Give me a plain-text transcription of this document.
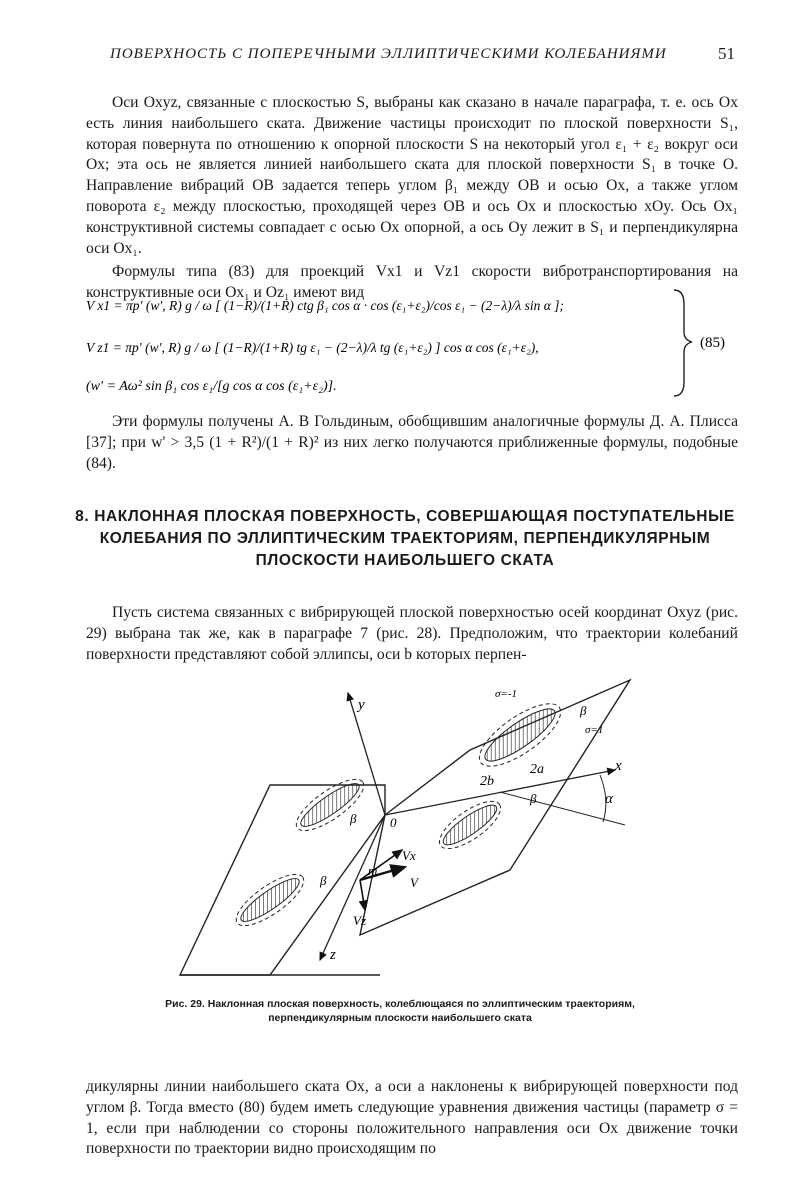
ПОВЕРХНОСТЬ С ПОПЕРЕЧНЫМИ ЭЛЛИПТИЧЕСКИМИ КОЛЕБАНИЯМИ	51
Оси Oxyz, связанные с плоскостью S, выбраны как сказано в начале параграфа, т. е. ось Ox есть линия наибольшего ската. Движение частицы происходит по плоской поверхности S₁, которая повернута по отношению к опорной плоскости S на некоторый угол ε₁ + ε₂ вокруг оси Ox; эта ось не является линией наибольшего ската для плоской поверхности S₁ в точке O. Направление вибраций OB задается теперь углом β₁ между OB и осью Ox, а также углом поворота ε₂ между плоскостью, проходящей через OB и ось Ox и плоскостью xOy. Ось Ox₁ конструктивной системы совпадает с осью Ox опорной, а ось Oy лежит в S₁ и перпендикулярна оси Ox₁.
Формулы типа (83) для проекций Vx1 и Vz1 скорости вибротранспортирования на конструктивные оси Ox₁ и Oz₁ имеют вид
V x1 = πp′ (w′, R) g / ω [ (1−R)/(1+R) ctg β₁ cos α · cos (ε₁+ε₂)/cos ε₁ − (2−λ)/λ sin α ];
V z1 = πp′ (w′, R) g / ω [ (1−R)/(1+R) tg ε₁ − (2−λ)/λ tg (ε₁+ε₂) ] cos α cos (ε₁+ε₂),
(w′ = Aω² sin β₁ cos ε₁/[g cos α cos (ε₁+ε₂)].
(85)
Эти формулы получены А. В Гольдиным, обобщившим аналогичные формулы Д. А. Плисса [37]; при w' > 3,5 (1 + R²)/(1 + R)² из них легко получаются приближенные формулы, подобные (84).
8. НАКЛОННАЯ ПЛОСКАЯ ПОВЕРХНОСТЬ, СОВЕРШАЮЩАЯ ПОСТУПАТЕЛЬНЫЕ КОЛЕБАНИЯ ПО ЭЛЛИПТИЧЕСКИМ ТРАЕКТОРИЯМ, ПЕРПЕНДИКУЛЯРНЫМ ПЛОСКОСТИ НАИБОЛЬШЕГО СКАТА
Пусть система связанных с вибрирующей плоской поверхностью осей координат Oxyz (рис. 29) выбрана так же, как в параграфе 7 (рис. 28). Предположим, что траектории колебаний поверхности представляют собой эллипсы, оси b которых перпен-
y
x
z
0
σ=-1
σ=1
2b
2a
β
β
β
β
α
Vx
V
Vz
m
Рис. 29. Наклонная плоская поверхность, колеблющаяся по эллиптическим траекториям, перпендикулярным плоскости наибольшего ската
дикулярны линии наибольшего ската Ox, а оси a наклонены к вибрирующей поверхности под углом β. Тогда вместо (80) будем иметь следующие уравнения движения частицы (параметр σ = 1, если при наблюдении со стороны положительного направления оси Ox движение точки поверхности по траектории видно происходящим по
